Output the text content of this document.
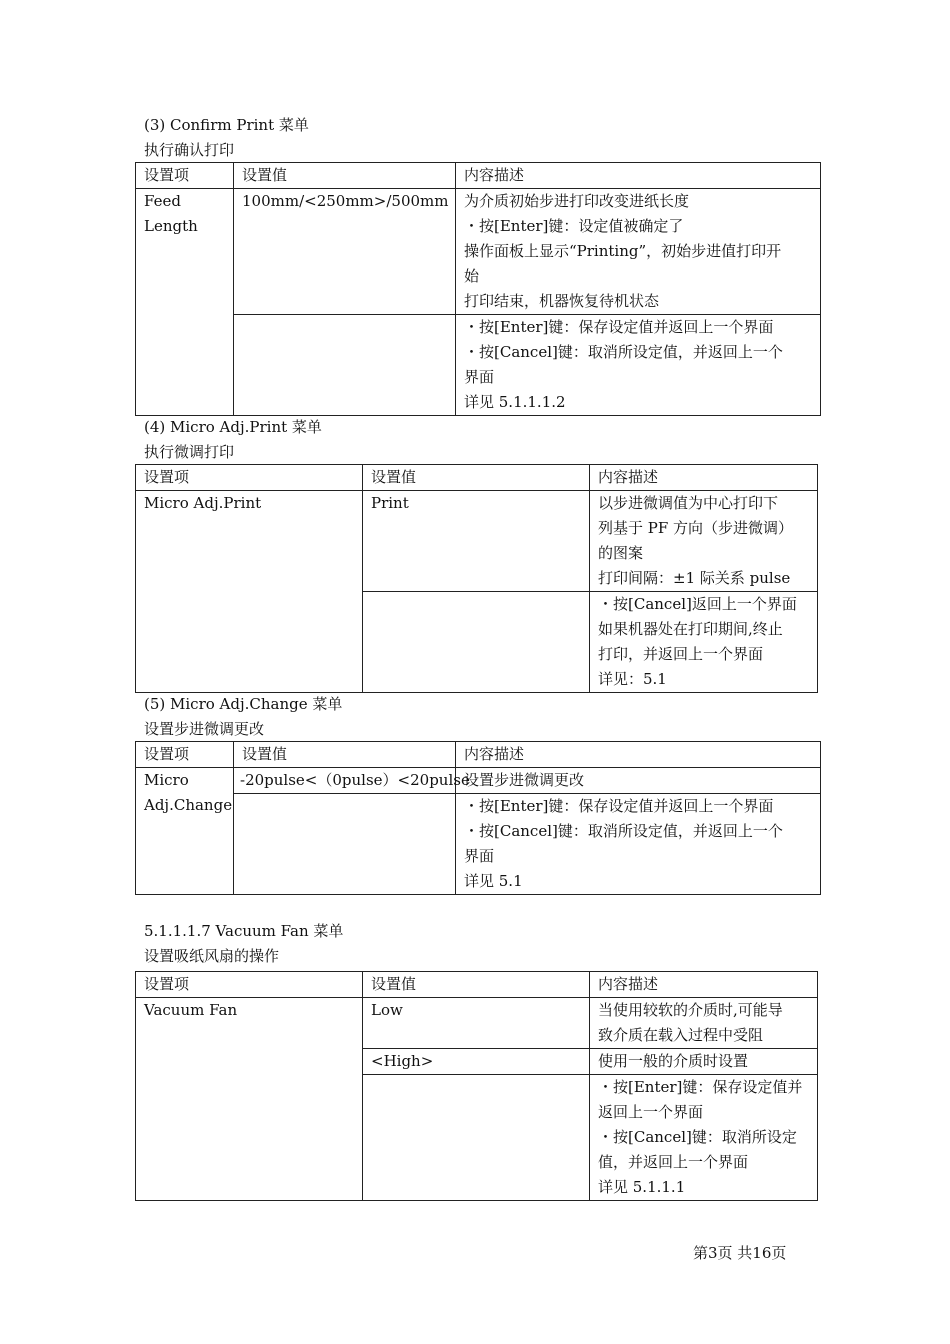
(3) Confirm Print 菜单
执行确认打印
设置项	设置值	内容描述

Feed
Length	100mm/<250mm>/500mm	为介质初始步进打印改变进纸长度
・按[Enter]键：设定值被确定了
操作面板上显示“Printing”，初始步进值打印开
始
打印结束，机器恢复待机状态

		・按[Enter]键：保存设定值并返回上一个界面
・按[Cancel]键：取消所设定值，并返回上一个
界面
详见 5.1.1.1.2
(4) Micro Adj.Print 菜单
执行微调打印
设置项	设置值	内容描述
Micro Adj.Print	Print	以步进微调值为中心打印下
列基于 PF 方向（步进微调）
的图案
打印间隔：±1 际关系 pulse

		・按[Cancel]返回上一个界面
如果机器处在打印期间,终止
打印，并返回上一个界面
详见：5.1
(5) Micro Adj.Change 菜单
设置步进微调更改
设置项	设置值	内容描述

Micro
Adj.Change	-20pulse<（0pulse）<20pulse	设置步进微调更改

		・按[Enter]键：保存设定值并返回上一个界面
・按[Cancel]键：取消所设定值，并返回上一个
界面
详见 5.1
5.1.1.1.7 Vacuum Fan 菜单
设置吸纸风扇的操作
设置项	设置值	内容描述
Vacuum Fan	Low	当使用较软的介质时,可能导
致介质在载入过程中受阻

	<High>	使用一般的介质时设置

		・按[Enter]键：保存设定值并
返回上一个界面
・按[Cancel]键：取消所设定
值，并返回上一个界面
详见 5.1.1.1
第3页 共16页
